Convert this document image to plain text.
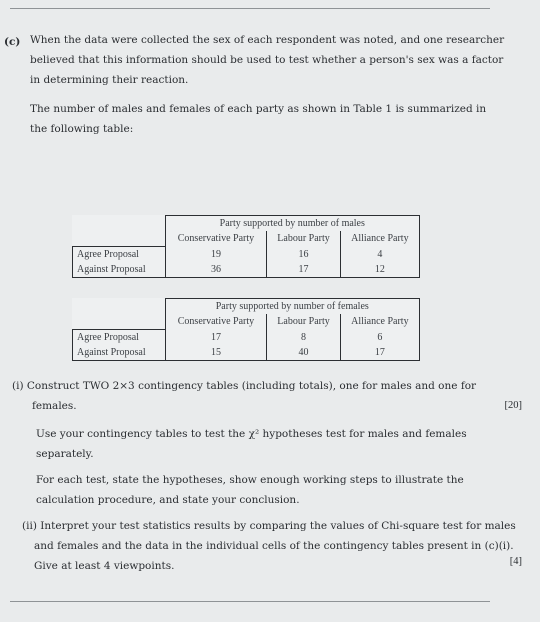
(c) When the data were collected the sex of each respondent was noted, and one researcher
believed that this information should be used to test whether a person's sex was a factor
in determining their reaction.
The number of males and females of each party as shown in Table 1 is summarized in
the following table:
	Party supported by number of males		
	Conservative Party	Labour Party	Alliance Party
Agree Proposal	19	16	4
Against Proposal	36	17	12
	Party supported by number of females		
	Conservative Party	Labour Party	Alliance Party
Agree Proposal	17	8	6
Against Proposal	15	40	17
(i) Construct TWO 2×3 contingency tables (including totals), one for males and one for
females.	[20]
Use your contingency tables to test the χ² hypotheses test for males and females
separately.
For each test, state the hypotheses, show enough working steps to illustrate the
calculation procedure, and state your conclusion.
(ii) Interpret your test statistics results by comparing the values of Chi-square test for males
and females and the data in the individual cells of the contingency tables present in (c)(i).
Give at least 4 viewpoints.	[4]
